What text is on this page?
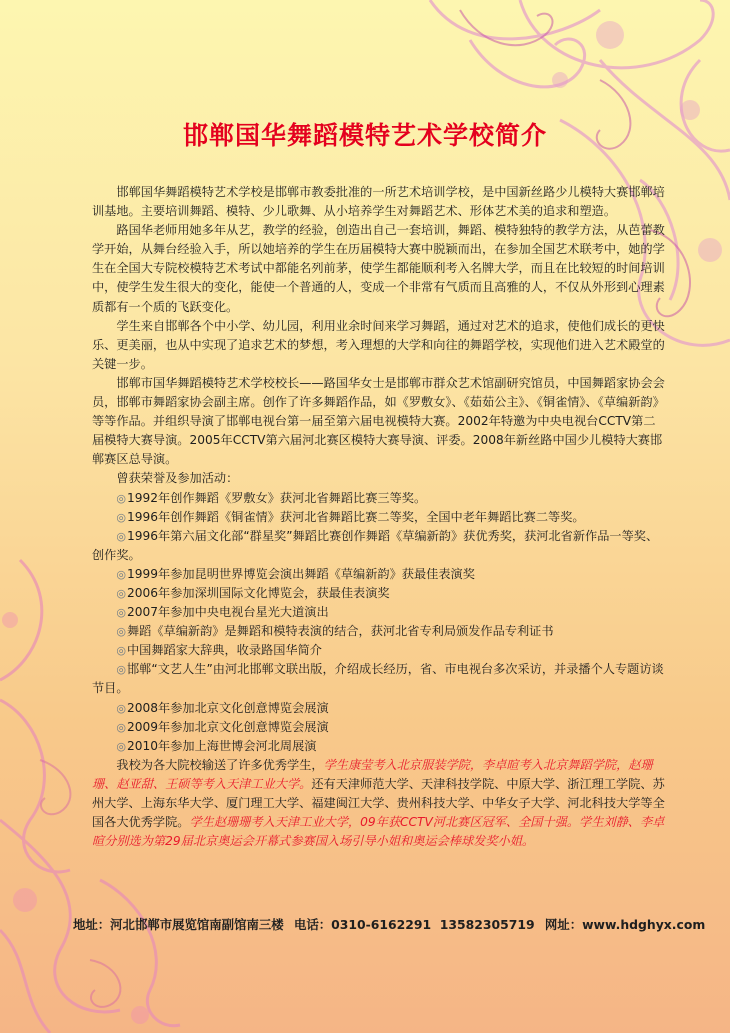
邯郸国华舞蹈模特艺术学校简介

邯郸国华舞蹈模特艺术学校是邯郸市教委批准的一所艺术培训学校，是中国新丝路少儿模特大赛邯郸培训基地。主要培训舞蹈、模特、少儿歌舞、从小培养学生对舞蹈艺术、形体艺术美的追求和塑造。

路国华老师用她多年从艺，教学的经验，创造出自己一套培训，舞蹈、模特独特的教学方法，从芭蕾教学开始，从舞台经验入手，所以她培养的学生在历届模特大赛中脱颖而出，在参加全国艺术联考中，她的学生在全国大专院校模特艺术考试中都能名列前茅，使学生都能顺利考入名牌大学，而且在比较短的时间培训中，使学生发生很大的变化，能使一个普通的人，变成一个非常有气质而且高雅的人，不仅从外形到心理素质都有一个质的飞跃变化。

学生来自邯郸各个中小学、幼儿园，利用业余时间来学习舞蹈，通过对艺术的追求，使他们成长的更快乐、更美丽，也从中实现了追求艺术的梦想，考入理想的大学和向往的舞蹈学校，实现他们进入艺术殿堂的关键一步。

邯郸市国华舞蹈模特艺术学校校长——路国华女士是邯郸市群众艺术馆副研究馆员，中国舞蹈家协会会员，邯郸市舞蹈家协会副主席。创作了许多舞蹈作品，如《罗敷女》、《茹茹公主》、《铜雀情》、《草编新韵》等等作品。并组织导演了邯郸电视台第一届至第六届电视模特大赛。2002年特邀为中央电视台CCTV第二届模特大赛导演。2005年CCTV第六届河北赛区模特大赛导演、评委。2008年新丝路中国少儿模特大赛邯郸赛区总导演。

曾获荣誉及参加活动：

◎1992年创作舞蹈《罗敷女》获河北省舞蹈比赛三等奖。

◎1996年创作舞蹈《铜雀情》获河北省舞蹈比赛二等奖，全国中老年舞蹈比赛二等奖。

◎1996年第六届文化部“群星奖”舞蹈比赛创作舞蹈《草编新韵》获优秀奖，获河北省新作品一等奖、创作奖。

◎1999年参加昆明世界博览会演出舞蹈《草编新韵》获最佳表演奖

◎2006年参加深圳国际文化博览会，获最佳表演奖

◎2007年参加中央电视台星光大道演出

◎舞蹈《草编新韵》是舞蹈和模特表演的结合，获河北省专利局颁发作品专利证书

◎中国舞蹈家大辞典，收录路国华简介

◎邯郸“文艺人生”由河北邯郸文联出版，介绍成长经历，省、市电视台多次采访，并录播个人专题访谈节目。

◎2008年参加北京文化创意博览会展演

◎2009年参加北京文化创意博览会展演

◎2010年参加上海世博会河北周展演

我校为各大院校输送了许多优秀学生，学生康莹考入北京服装学院，李卓暄考入北京舞蹈学院，赵珊珊、赵亚甜、王硕等考入天津工业大学。还有天津师范大学、天津科技学院、中原大学、浙江理工学院、苏州大学、上海东华大学、厦门理工大学、福建闽江大学、贵州科技大学、中华女子大学、河北科技大学等全国各大优秀学院。学生赵珊珊考入天津工业大学，09年获CCTV河北赛区冠军、全国十强。学生刘静、李卓暄分别选为第29届北京奥运会开幕式参赛国入场引导小姐和奥运会棒球发奖小姐。

地址：河北邯郸市展览馆南副馆南三楼 电话：0310-6162291  13582305719 网址：www.hdghyx.com
